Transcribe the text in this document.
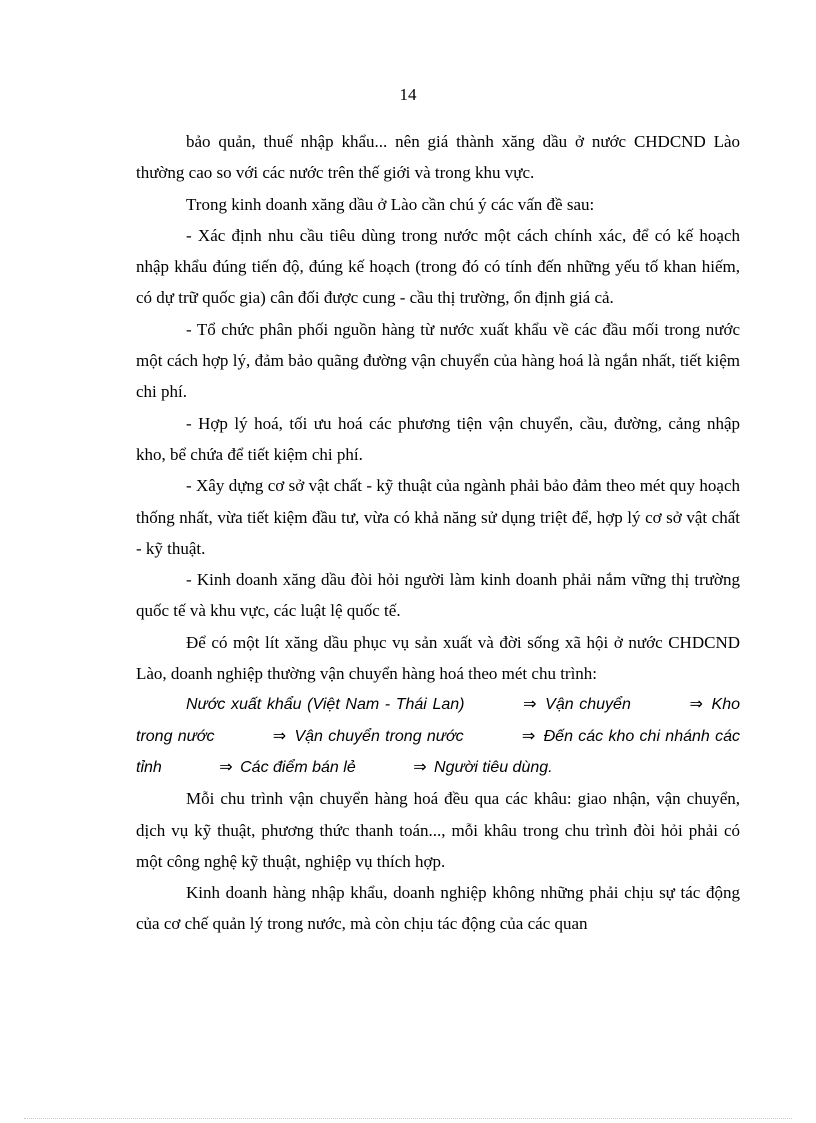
14

bảo quản, thuế nhập khẩu... nên giá thành xăng dầu ở nước CHDCND Lào thường cao so với các nước trên thế giới và trong khu vực.

Trong kinh doanh xăng dầu ở Lào cần chú ý các vấn đề sau:

- Xác định nhu cầu tiêu dùng trong nước một cách chính xác, để có kế hoạch nhập khẩu đúng tiến độ, đúng kế hoạch (trong đó có tính đến những yếu tố khan hiếm, có dự trữ quốc gia) cân đối được cung - cầu thị trường, ổn định giá cả.

- Tổ chức phân phối nguồn hàng từ nước xuất khẩu về các đầu mối trong nước một cách hợp lý, đảm bảo quãng đường vận chuyển của hàng hoá là ngắn nhất, tiết kiệm chi phí.

- Hợp lý hoá, tối ưu hoá các phương tiện vận chuyển, cầu, đường, cảng nhập kho, bể chứa để tiết kiệm chi phí.

- Xây dựng cơ sở vật chất - kỹ thuật của ngành phải bảo đảm theo mét quy hoạch thống nhất, vừa tiết kiệm đầu tư, vừa có khả năng sử dụng triệt để, hợp lý cơ sở vật chất - kỹ thuật.

- Kinh doanh xăng dầu đòi hỏi người làm kinh doanh phải nắm vững thị trường quốc tế và khu vực, các luật lệ quốc tế.

Để có một lít xăng dầu phục vụ sản xuất và đời sống xã hội ở nước CHDCND Lào, doanh nghiệp thường vận chuyển hàng hoá theo mét chu trình:

Nước xuất khẩu (Việt Nam - Thái Lan)	⇒ Vận chuyển	⇒ Kho trong nước	⇒ Vận chuyển trong nước	⇒ Đến các kho chi nhánh các tỉnh	⇒ Các điểm bán lẻ	⇒ Người tiêu dùng.

Mỗi chu trình vận chuyển hàng hoá đều qua các khâu: giao nhận, vận chuyển, dịch vụ kỹ thuật, phương thức thanh toán..., mỗi khâu trong chu trình đòi hỏi phải có một công nghệ kỹ thuật, nghiệp vụ thích hợp.

Kinh doanh hàng nhập khẩu, doanh nghiệp không những phải chịu sự tác động của cơ chế quản lý trong nước, mà còn chịu tác động của các quan
